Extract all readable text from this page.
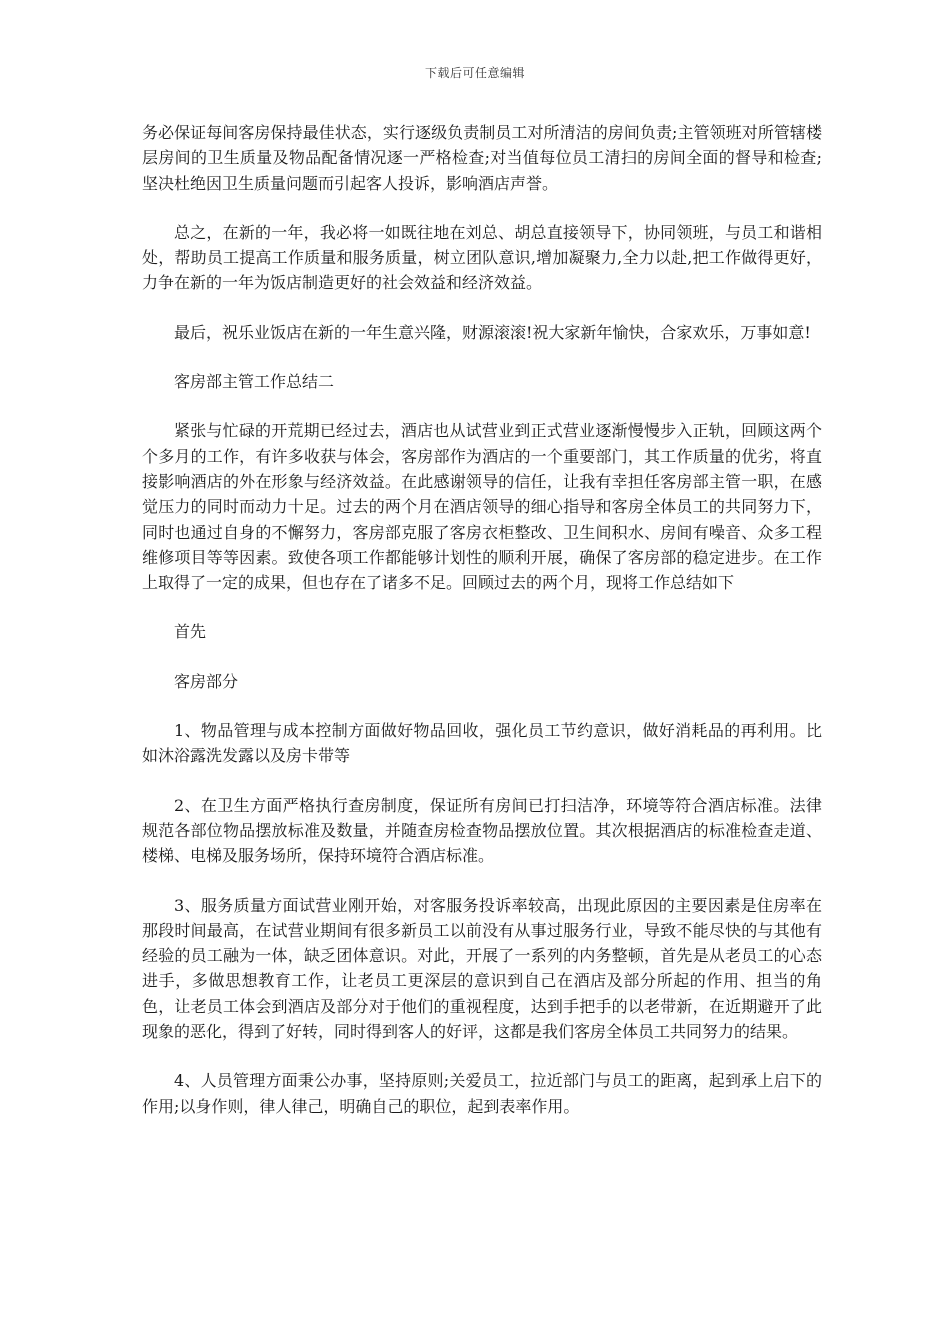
下载后可任意编辑

务必保证每间客房保持最佳状态，实行逐级负责制员工对所清洁的房间负责;主管领班对所管辖楼层房间的卫生质量及物品配备情况逐一严格检查;对当值每位员工清扫的房间全面的督导和检查;坚决杜绝因卫生质量问题而引起客人投诉，影响酒店声誉。

总之，在新的一年，我必将一如既往地在刘总、胡总直接领导下，协同领班，与员工和谐相处，帮助员工提高工作质量和服务质量，树立团队意识,增加凝聚力,全力以赴,把工作做得更好，力争在新的一年为饭店制造更好的社会效益和经济效益。

最后，祝乐业饭店在新的一年生意兴隆，财源滚滚!祝大家新年愉快，合家欢乐，万事如意!

客房部主管工作总结二

紧张与忙碌的开荒期已经过去，酒店也从试营业到正式营业逐渐慢慢步入正轨，回顾这两个个多月的工作，有许多收获与体会，客房部作为酒店的一个重要部门，其工作质量的优劣，将直接影响酒店的外在形象与经济效益。在此感谢领导的信任，让我有幸担任客房部主管一职，在感觉压力的同时而动力十足。过去的两个月在酒店领导的细心指导和客房全体员工的共同努力下，同时也通过自身的不懈努力，客房部克服了客房衣柜整改、卫生间积水、房间有噪音、众多工程维修项目等等因素。致使各项工作都能够计划性的顺利开展，确保了客房部的稳定进步。在工作上取得了一定的成果，但也存在了诸多不足。回顾过去的两个月，现将工作总结如下

首先

客房部分

1、物品管理与成本控制方面做好物品回收，强化员工节约意识，做好消耗品的再利用。比如沐浴露洗发露以及房卡带等

2、在卫生方面严格执行查房制度，保证所有房间已打扫洁净，环境等符合酒店标准。法律规范各部位物品摆放标准及数量，并随查房检查物品摆放位置。其次根据酒店的标准检查走道、楼梯、电梯及服务场所，保持环境符合酒店标准。

3、服务质量方面试营业刚开始，对客服务投诉率较高，出现此原因的主要因素是住房率在那段时间最高，在试营业期间有很多新员工以前没有从事过服务行业，导致不能尽快的与其他有经验的员工融为一体，缺乏团体意识。对此，开展了一系列的内务整顿，首先是从老员工的心态进手，多做思想教育工作，让老员工更深层的意识到自己在酒店及部分所起的作用、担当的角色，让老员工体会到酒店及部分对于他们的重视程度，达到手把手的以老带新，在近期避开了此现象的恶化，得到了好转，同时得到客人的好评，这都是我们客房全体员工共同努力的结果。

4、人员管理方面秉公办事，坚持原则;关爱员工，拉近部门与员工的距离，起到承上启下的作用;以身作则，律人律己，明确自己的职位，起到表率作用。
